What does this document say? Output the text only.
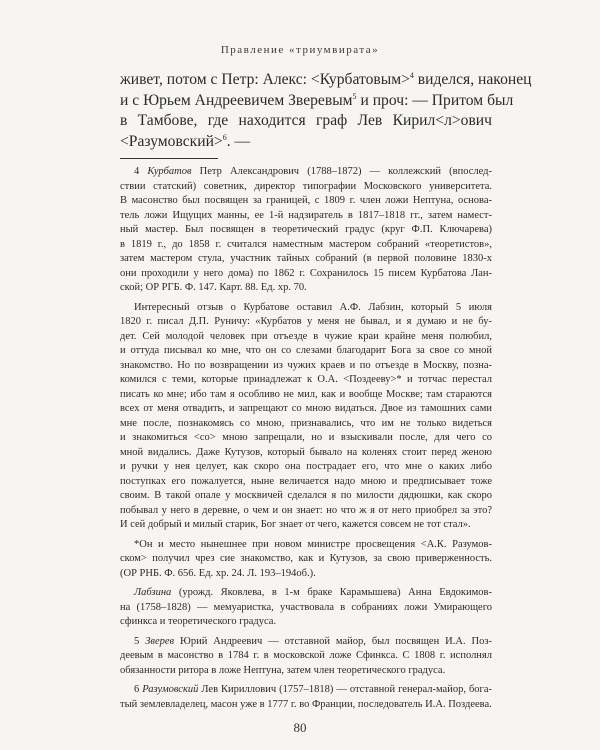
Правление «триумвирата»
живет, потом с Петр: Алекс: <Курбатовым>$^4$ виделся, наконец
и с Юрьем Андреевичем Зверевым$^5$ и проч: — Притом был
в Тамбове, где находится граф Лев Кирил<л>ович
<Разумовский>$^6$. —

4 Курбатов Петр Александрович (1788–1872) — коллежский (впослед-
ствии статский) советник, директор типографии Московского университета.
В масонство был посвящен за границей, с 1809 г. член ложи Нептуна, основа-
тель ложи Ищущих манны, ее 1-й надзиратель в 1817–1818 гг., затем намест-
ный мастер. Был посвящен в теоретический градус (круг Ф.П. Ключарева)
в 1819 г., до 1858 г. считался наместным мастером собраний «теоретистов»,
затем мастером стула, участник тайных собраний (в первой половине 1830-х
они проходили у него дома) по 1862 г. Сохранилось 15 писем Курбатова Лан-
ской; ОР РГБ. Ф. 147. Карт. 88. Ед. хр. 70.

Интересный отзыв о Курбатове оставил А.Ф. Лабзин, который 5 июля
1820 г. писал Д.П. Руничу: «Курбатов у меня не бывал, и я думаю и не бу-
дет. Сей молодой человек при отъезде в чужие краи крайне меня полюбил,
и оттуда писывал ко мне, что он со слезами благодарит Бога за свое со мной
знакомство. Но по возвращении из чужих краев и по отъезде в Москву, позна-
комился с теми, которые принадлежат к О.А. <Поздееву>* и тотчас перестал
писать ко мне; ибо там я особливо не мил, как и вообще Москве; там стараются
всех от меня отвадить, и запрещают со мною видаться. Двое из тамошних сами
мне после, познакомясь со мною, признавались, что им не только видеться
и знакомиться <со> мною запрещали, но и взыскивали после, для чего со
мной видались. Даже Кутузов, который бывало на коленях стоит перед женою
и ручки у нея целует, как скоро она пострадает его, что мне о каких либо
поступках его пожалуется, ныне величается надо мною и предписывает тоже
своим. В такой опале у москвичей сделался я по милости дядюшки, как скоро
побывал у него в деревне, о чем и он знает: но что ж я от него приобрел за это?
И сей добрый и милый старик, Бог знает от чего, кажется совсем не тот стал».

*Он и место нынешнее при новом министре просвещения <А.К. Разумов-
ском> получил чрез сие знакомство, как и Кутузов, за свою приверженность.
(ОР РНБ. Ф. 656. Ед. хр. 24. Л. 193–194об.).

Лабзина (урожд. Яковлева, в 1-м браке Карамышева) Анна Евдокимов-
на (1758–1828) — мемуаристка, участвовала в собраниях ложи Умирающего
сфинкса и теоретического градуса.

5 Зверев Юрий Андреевич — отставной майор, был посвящен И.А. Поз-
деевым в масонство в 1784 г. в московской ложе Сфинкса. С 1808 г. исполнял
обязанности ритора в ложе Нептуна, затем член теоретического градуса.

6 Разумовский Лев Кириллович (1757–1818) — отставной генерал-майор, бога-
тый землевладелец, масон уже в 1777 г. во Франции, последователь И.А. Поздеева.

80
